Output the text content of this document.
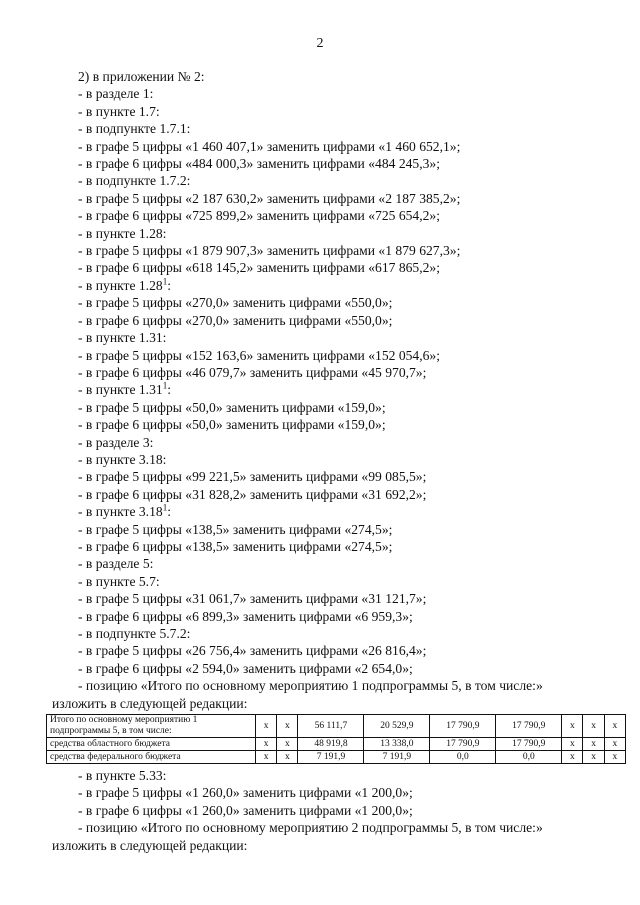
2
2) в приложении № 2:
- в разделе 1:
- в пункте 1.7:
- в подпункте 1.7.1:
- в графе 5 цифры «1 460 407,1» заменить цифрами «1 460 652,1»;
- в графе 6 цифры «484 000,3» заменить цифрами «484 245,3»;
- в подпункте 1.7.2:
- в графе 5 цифры «2 187 630,2» заменить цифрами «2 187 385,2»;
- в графе 6 цифры «725 899,2» заменить цифрами «725 654,2»;
- в пункте 1.28:
- в графе 5 цифры «1 879 907,3» заменить цифрами «1 879 627,3»;
- в графе 6 цифры «618 145,2» заменить цифрами «617 865,2»;
- в пункте 1.28$^1$:
- в графе 5 цифры «270,0» заменить цифрами «550,0»;
- в графе 6 цифры «270,0» заменить цифрами «550,0»;
- в пункте 1.31:
- в графе 5 цифры «152 163,6» заменить цифрами «152 054,6»;
- в графе 6 цифры «46 079,7» заменить цифрами «45 970,7»;
- в пункте 1.31$^1$:
- в графе 5 цифры «50,0» заменить цифрами «159,0»;
- в графе 6 цифры «50,0» заменить цифрами «159,0»;
- в разделе 3:
- в пункте 3.18:
- в графе 5 цифры «99 221,5» заменить цифрами «99 085,5»;
- в графе 6 цифры «31 828,2» заменить цифрами «31 692,2»;
- в пункте 3.18$^1$:
- в графе 5 цифры «138,5» заменить цифрами «274,5»;
- в графе 6 цифры «138,5» заменить цифрами «274,5»;
- в разделе 5:
- в пункте 5.7:
- в графе 5 цифры «31 061,7» заменить цифрами «31 121,7»;
- в графе 6 цифры «6 899,3» заменить цифрами «6 959,3»;
- в подпункте 5.7.2:
- в графе 5 цифры «26 756,4» заменить цифрами «26 816,4»;
- в графе 6 цифры «2 594,0» заменить цифрами «2 654,0»;
- позицию «Итого по основному мероприятию 1 подпрограммы 5, в том числе:»
изложить в следующей редакции:
Итого по основному мероприятию 1 подпрограммы 5, в том числе:	x	x	56 111,7	20 529,9	17 790,9	17 790,9	x	x	x
средства областного бюджета	x	x	48 919,8	13 338,0	17 790,9	17 790,9	x	x	x
средства федерального бюджета	x	x	7 191,9	7 191,9	0,0	0,0	x	x	x
- в пункте 5.33:
- в графе 5 цифры «1 260,0» заменить цифрами «1 200,0»;
- в графе 6 цифры «1 260,0» заменить цифрами «1 200,0»;
- позицию «Итого по основному мероприятию 2 подпрограммы 5, в том числе:»
изложить в следующей редакции:
